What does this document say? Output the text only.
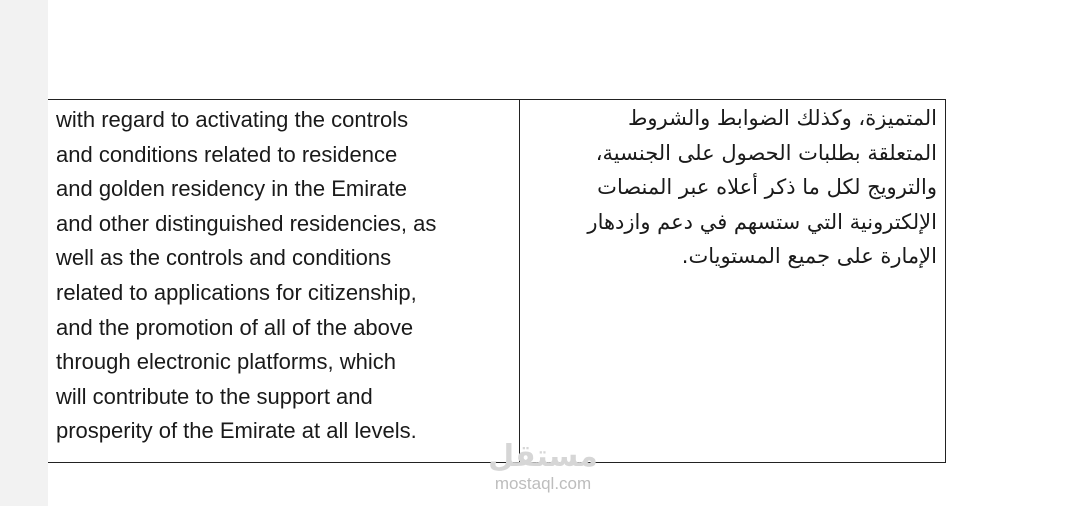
with regard to activating the controls
and conditions related to residence
and golden residency in the Emirate
and other distinguished residencies, as
well as the controls and conditions
related to applications for citizenship,
and the promotion of all of the above
through electronic platforms, which
will contribute to the support and
prosperity of the Emirate at all levels.
المتميزة، وكذلك الضوابط والشروط
المتعلقة بطلبات الحصول على الجنسية،
والترويج لكل ما ذكر أعلاه عبر المنصات
الإلكترونية التي ستسهم في دعم وازدهار
الإمارة على جميع المستويات.
مستقل
mostaql.com
